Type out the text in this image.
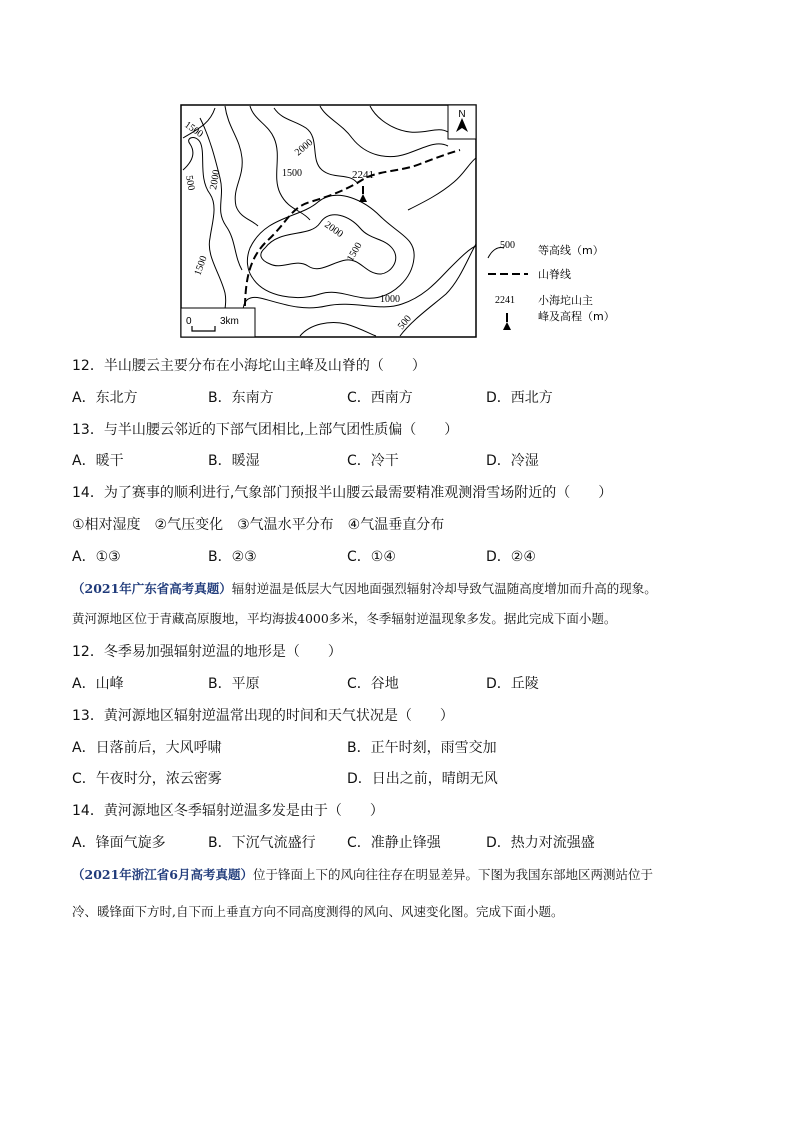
N
1500
2000
1500
500 2000
1500
2000
1500
1000
500
2241
0	3km
500 等高线（m）
山脊线
2241 小海坨山主
峰及高程（m）
12．半山腰云主要分布在小海坨山主峰及山脊的（　　）
A．东北方	B．东南方	C．西南方	D．西北方
13．与半山腰云邻近的下部气团相比,上部气团性质偏（　　）
A．暖干	B．暖湿	C．冷干	D．冷湿
14．为了赛事的顺利进行,气象部门预报半山腰云最需要精准观测滑雪场附近的（　　）
①相对湿度　②气压变化　③气温水平分布　④气温垂直分布
A．①③	B．②③	C．①④	D．②④
（2021年广东省高考真题）辐射逆温是低层大气因地面强烈辐射冷却导致气温随高度增加而升高的现象。
黄河源地区位于青藏高原腹地，平均海拔4000多米，冬季辐射逆温现象多发。据此完成下面小题。
12．冬季易加强辐射逆温的地形是（　　）
A．山峰	B．平原	C．谷地	D．丘陵
13．黄河源地区辐射逆温常出现的时间和天气状况是（　　）
A．日落前后，大风呼啸	B．正午时刻，雨雪交加
C．午夜时分，浓云密雾	D．日出之前，晴朗无风
14．黄河源地区冬季辐射逆温多发是由于（　　）
A．锋面气旋多	B．下沉气流盛行 C．准静止锋强	D．热力对流强盛
（2021年浙江省6月高考真题）位于锋面上下的风向往往存在明显差异。下图为我国东部地区两测站位于
冷、暖锋面下方时,自下而上垂直方向不同高度测得的风向、风速变化图。完成下面小题。
